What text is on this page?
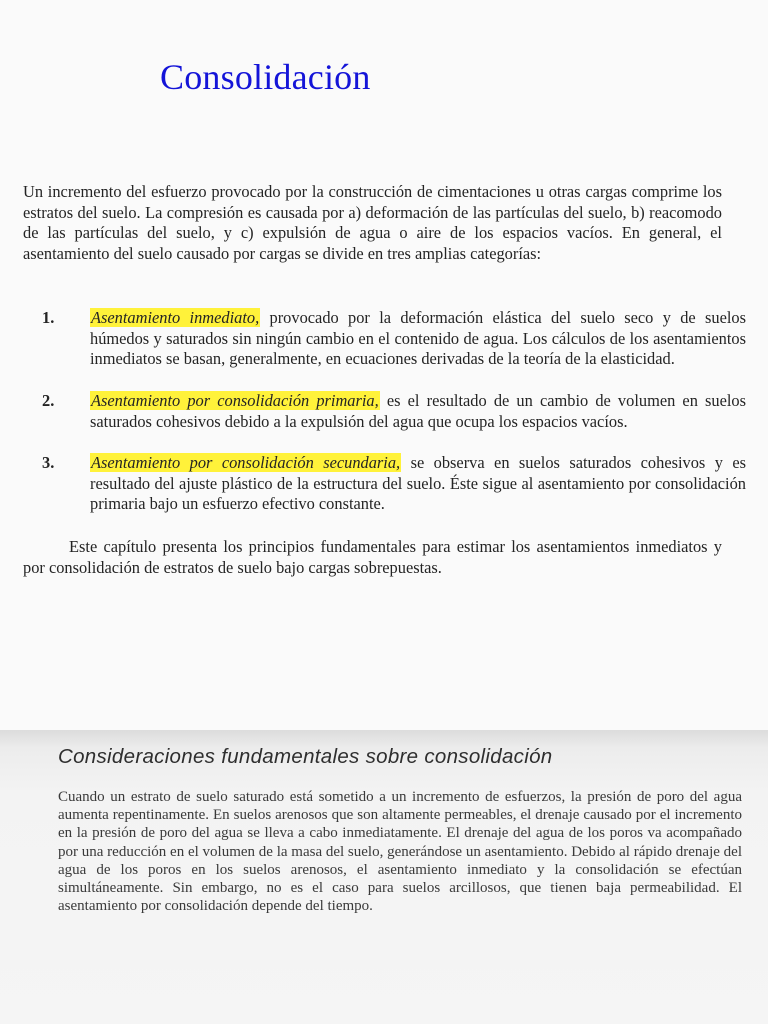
Consolidación

Un incremento del esfuerzo provocado por la construcción de cimentaciones u otras cargas comprime los estratos del suelo. La compresión es causada por a) deformación de las partículas del suelo, b) reacomodo de las partículas del suelo, y c) expulsión de agua o aire de los espacios vacíos. En general, el asentamiento del suelo causado por cargas se divide en tres amplias categorías:

1. Asentamiento inmediato, provocado por la deformación elástica del suelo seco y de suelos húmedos y saturados sin ningún cambio en el contenido de agua. Los cálculos de los asentamientos inmediatos se basan, generalmente, en ecuaciones derivadas de la teoría de la elasticidad.
2. Asentamiento por consolidación primaria, es el resultado de un cambio de volumen en suelos saturados cohesivos debido a la expulsión del agua que ocupa los espacios vacíos.
3. Asentamiento por consolidación secundaria, se observa en suelos saturados cohesivos y es resultado del ajuste plástico de la estructura del suelo. Éste sigue al asentamiento por consolidación primaria bajo un esfuerzo efectivo constante.

Este capítulo presenta los principios fundamentales para estimar los asentamientos inmediatos y por consolidación de estratos de suelo bajo cargas sobrepuestas.

Consideraciones fundamentales sobre consolidación

Cuando un estrato de suelo saturado está sometido a un incremento de esfuerzos, la presión de poro del agua aumenta repentinamente. En suelos arenosos que son altamente permeables, el drenaje causado por el incremento en la presión de poro del agua se lleva a cabo inmediatamente. El drenaje del agua de los poros va acompañado por una reducción en el volumen de la masa del suelo, generándose un asentamiento. Debido al rápido drenaje del agua de los poros en los suelos arenosos, el asentamiento inmediato y la consolidación se efectúan simultáneamente. Sin embargo, no es el caso para suelos arcillosos, que tienen baja permeabilidad. El asentamiento por consolidación depende del tiempo.
